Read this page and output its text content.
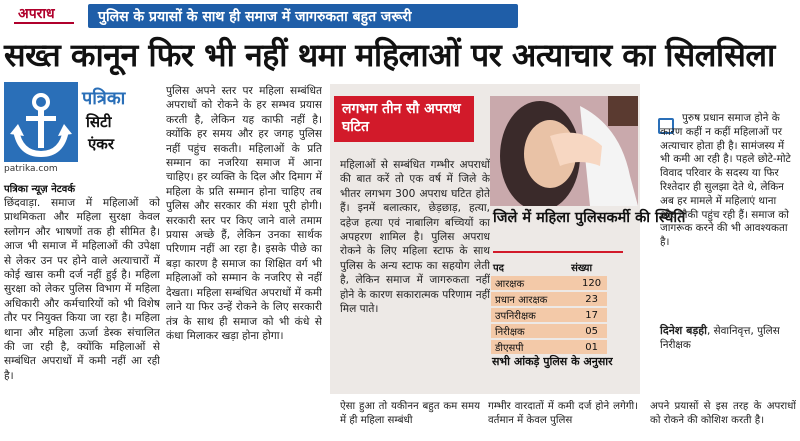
अपराध	पुलिस के प्रयासों के साथ ही समाज में जागरुकता बहुत जरूरी
सख्त कानून फिर भी नहीं थमा महिलाओं पर अत्याचार का सिलसिला
पत्रिका
सिटी
एंकर
patrika.com
पत्रिका न्यूज़ नेटवर्क
छिंदवाड़ा. समाज में महिलाओं को प्राथमिकता और महिला सुरक्षा केवल स्लोगन और भाषणों तक ही सीमित है। आज भी समाज में महिलाओं की उपेक्षा से लेकर उन पर होने वाले अत्याचारों में कोई खास कमी दर्ज नहीं हुई है। महिला सुरक्षा को लेकर पुलिस विभाग में महिला अधिकारी और कर्मचारियों को भी विशेष तौर पर नियुक्त किया जा रहा है। महिला थाना और महिला ऊर्जा डेस्क संचालित की जा रही है, क्योंकि महिलाओं से सम्बंधित अपराधों में कमी नहीं आ रही है।
पुलिस अपने स्तर पर महिला सम्बंधित अपराधों को रोकने के हर सम्भव प्रयास करती है, लेकिन यह काफी नहीं है। क्योंकि हर समय और हर जगह पुलिस नहीं पहुंच सकती। महिलाओं के प्रति सम्मान का नजरिया समाज में आना चाहिए। हर व्यक्ति के दिल और दिमाग में महिला के प्रति सम्मान होना चाहिए तब पुलिस और सरकार की मंशा पूरी होगी। सरकारी स्तर पर किए जाने वाले तमाम प्रयास अच्छे हैं, लेकिन उनका सार्थक परिणाम नहीं आ रहा है। इसके पीछे का बड़ा कारण है समाज का शिक्षित वर्ग भी महिलाओं को सम्मान के नजरिए से नहीं देखता। महिला सम्बंधित अपराधों में कमी लाने या फिर उन्हें रोकने के लिए सरकारी तंत्र के साथ ही समाज को भी कंधे से कंधा मिलाकर खड़ा होना होगा।
लगभग तीन सौ अपराध घटित
महिलाओं से सम्बंधित गम्भीर अपराधों की बात करें तो एक वर्ष में जिले के भीतर लगभग 300 अपराध घटित होते हैं। इनमें बलात्कार, छेड़छाड़, हत्या, दहेज हत्या एवं नाबालिग बच्चियों का अपहरण शामिल है। पुलिस अपराध रोकने के लिए महिला स्टाफ के साथ पुलिस के अन्य स्टाफ का सहयोग लेती है, लेकिन समाज में जागरुकता नहीं होने के कारण सकारात्मक परिणाम नहीं मिल पाते।
जिले में महिला पुलिसकर्मी की स्थिति
पद	संख्या
आरक्षक	120
प्रधान आरक्षक	23
उपनिरीक्षक	17
निरीक्षक	05
डीएसपी	01
सभी आंकड़े पुलिस के अनुसार
पुरुष प्रधान समाज होने के कारण कहीं न कहीं महिलाओं पर अत्याचार होता ही है। सामंजस्य में भी कमी आ रही है। पहले छोटे-मोटे विवाद परिवार के सदस्य या फिर रिश्तेदार ही सुलझा देते थे, लेकिन अब हर मामले में महिलाएं थाना और चौकी पहुंच रही हैं। समाज को जागरूक करने की भी आवश्यकता है।
दिनेश बड़ही, सेवानिवृत्त, पुलिस निरीक्षक
ऐसा हुआ तो यकीनन बहुत कम समय में ही महिला सम्बंधी
गम्भीर वारदातों में कमी दर्ज होने लगेगी। वर्तमान में केवल पुलिस
अपने प्रयासों से इस तरह के अपराधों को रोकने की कोशिश करती है।
